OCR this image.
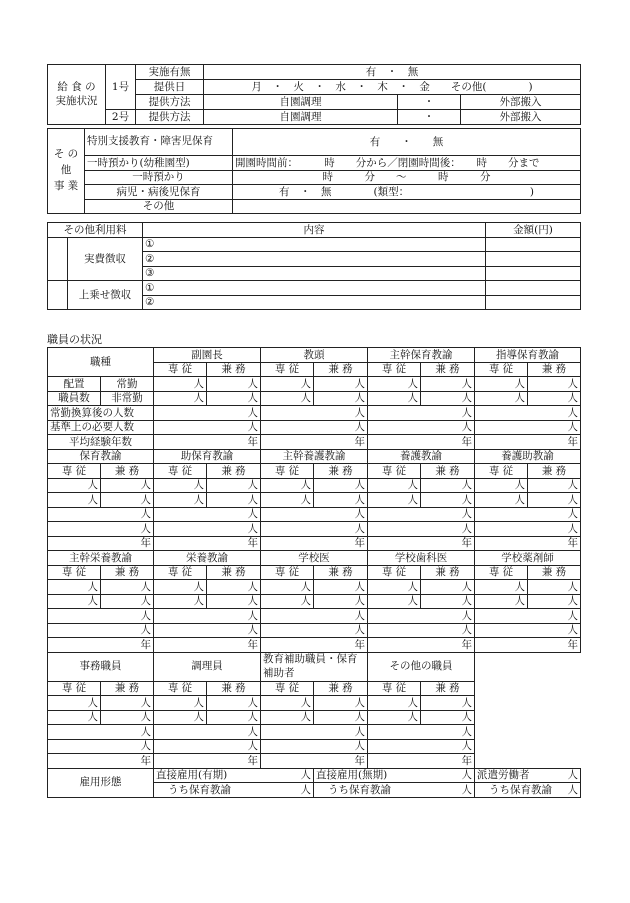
給 食 の
実施状況	1号	実施有無	有　・　無		
		提供日	月　・　火　・　水　・　木　・　金　　その他(　　　　)		
		提供方法	自園調理	・	外部搬入
	2号	提供方法	自園調理	・	外部搬入
そ の
他
事 業	特別支援教育・障害児保育	有　　・　　無
	一時預かり(幼稚園型)	開園時間前：　　　時　　分から／閉園時間後：　　時　　分まで
	一時預かり	時　　　分　　～　　　時　　　分
	病児・病後児保育	有　・　無　　　　(類型：　　　　　　　　　　　　)
	その他	
その他利用料		内容	金額(円)
	実費徴収	①	
		②	
		③	
	上乗せ徴収	①	
		②	
職員の状況
職種		副園長		教頭		主幹保育教諭		指導保育教諭	
		専 従	兼 務	専 従	兼 務	専 従	兼 務	専 従	兼 務
配置	常勤	人	人	人	人	人	人	人	人
職員数	非常勤	人	人	人	人	人	人	人	人
常勤換算後の人数		人		人		人		人	
基準上の必要人数		人		人		人		人	
平均経験年数		年		年		年		年	
保育教諭		助保育教諭		主幹養護教諭		養護教諭		養護助教諭	
専 従	兼 務	専 従	兼 務	専 従	兼 務	専 従	兼 務	専 従	兼 務
人	人	人	人	人	人	人	人	人	人
人	人	人	人	人	人	人	人	人	人
人		人		人		人		人	
人		人		人		人		人	
年		年		年		年		年	
主幹栄養教諭		栄養教諭		学校医		学校歯科医		学校薬剤師	
専 従	兼 務	専 従	兼 務	専 従	兼 務	専 従	兼 務	専 従	兼 務
人	人	人	人	人	人	人	人	人	人
人	人	人	人	人	人	人	人	人	人
人		人		人		人		人	
人		人		人		人		人	
年		年		年		年		年	
事務職員		調理員		教育補助職員・保育補助者		その他の職員			
専 従	兼 務	専 従	兼 務	専 従	兼 務	専 従	兼 務		
人	人	人	人	人	人	人	人		
人	人	人	人	人	人	人	人		
人		人		人		人			
人		人		人		人			
年		年		年		年			
雇用形態		直接雇用(有期)		人	直接雇用(無期)		人	派遣労働者	人
		うち保育教諭		人	うち保育教諭		人	うち保育教諭	人
